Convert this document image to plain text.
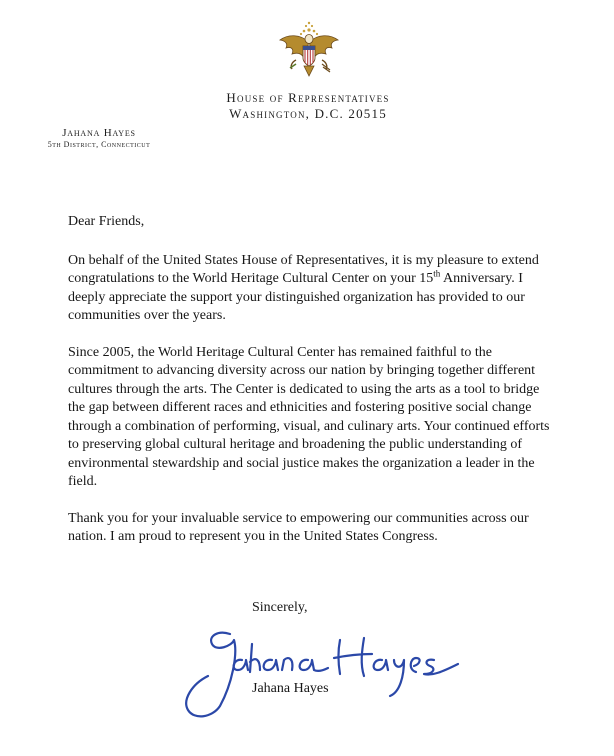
House of Representatives
Washington, D.C. 20515
Jahana Hayes
5th District, Connecticut

Dear Friends,

On behalf of the United States House of Representatives, it is my pleasure to extend congratulations to the World Heritage Cultural Center on your 15th Anniversary. I deeply appreciate the support your distinguished organization has provided to our communities over the years.

Since 2005, the World Heritage Cultural Center has remained faithful to the commitment to advancing diversity across our nation by bringing together different cultures through the arts. The Center is dedicated to using the arts as a tool to bridge the gap between different races and ethnicities and fostering positive social change through a combination of performing, visual, and culinary arts. Your continued efforts to preserving global cultural heritage and broadening the public understanding of environmental stewardship and social justice makes the organization a leader in the field.

Thank you for your invaluable service to empowering our communities across our nation. I am proud to represent you in the United States Congress.

Sincerely,
Jahana Hayes
